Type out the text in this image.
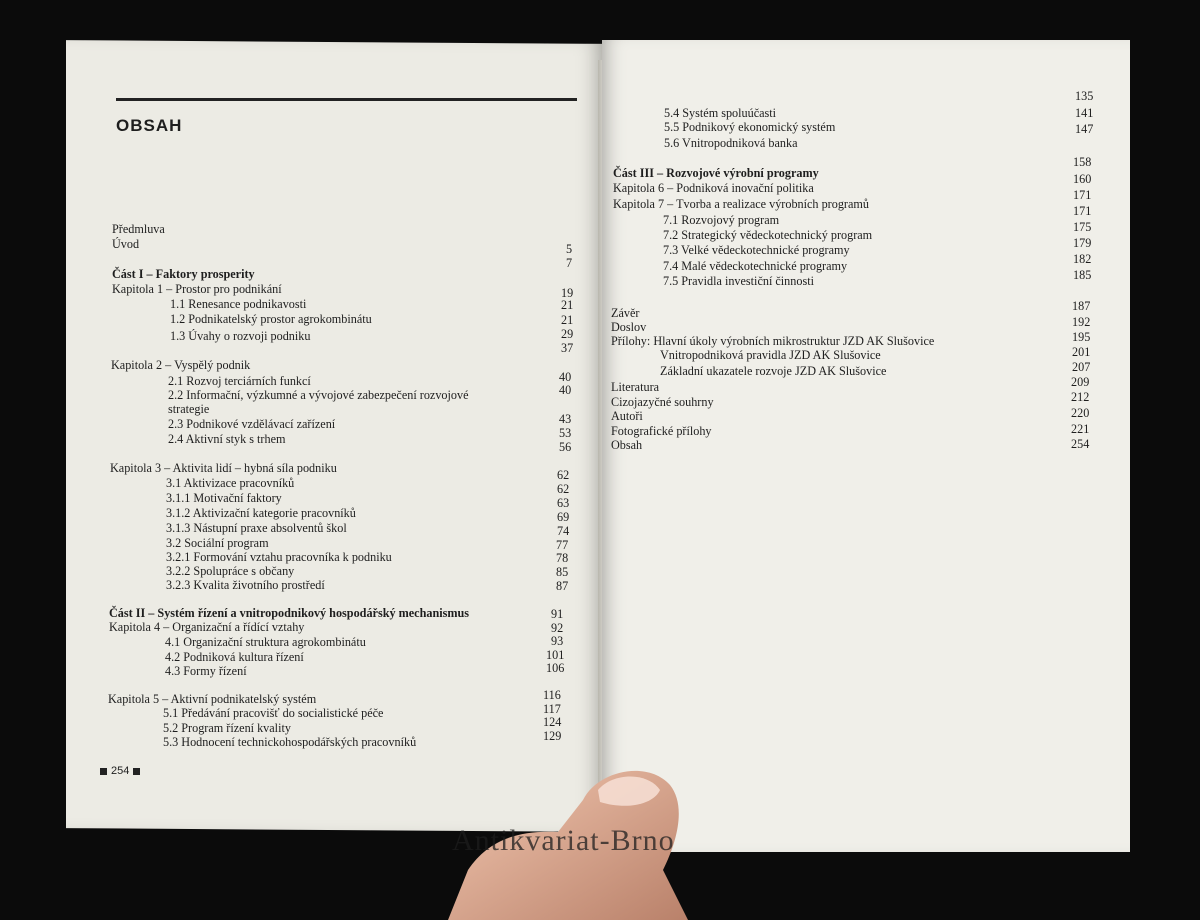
OBSAH
254
Antikvariat-Brno
Předmluva
Úvod
Část I – Faktory prosperity
Kapitola 1 – Prostor pro podnikání
1.1 Renesance podnikavosti
1.2 Podnikatelský prostor agrokombinátu
1.3 Úvahy o rozvoji podniku
Kapitola 2 – Vyspělý podnik
2.1 Rozvoj terciárních funkcí
2.2 Informační, výzkumné a vývojové zabezpečení rozvojové
strategie
2.3 Podnikové vzdělávací zařízení
2.4 Aktivní styk s trhem
Kapitola 3 – Aktivita lidí – hybná síla podniku
3.1 Aktivizace pracovníků
3.1.1 Motivační faktory
3.1.2 Aktivizační kategorie pracovníků
3.1.3 Nástupní praxe absolventů škol
3.2 Sociální program
3.2.1 Formování vztahu pracovníka k podniku
3.2.2 Spolupráce s občany
3.2.3 Kvalita životního prostředí
Část II – Systém řízení a vnitropodnikový hospodářský mechanismus
Kapitola 4 – Organizační a řídící vztahy
4.1 Organizační struktura agrokombinátu
4.2 Podniková kultura řízení
4.3 Formy řízení
Kapitola 5 – Aktivní podnikatelský systém
5.1 Předávání pracovišť do socialistické péče
5.2 Program řízení kvality
5.3 Hodnocení technickohospodářských pracovníků
5
7
19
21
21
29
37
40
40
43
53
56
62
62
63
69
74
77
78
85
87
91
92
93
101
106
116
117
124
129
5.4 Systém spoluúčasti
5.5 Podnikový ekonomický systém
5.6 Vnitropodniková banka
Část III – Rozvojové výrobní programy
Kapitola 6 – Podniková inovační politika
Kapitola 7 – Tvorba a realizace výrobních programů
7.1 Rozvojový program
7.2 Strategický vědeckotechnický program
7.3 Velké vědeckotechnické programy
7.4 Malé vědeckotechnické programy
7.5 Pravidla investiční činnosti
Závěr
Doslov
Přílohy: Hlavní úkoly výrobních mikrostruktur JZD AK Slušovice
Vnitropodniková pravidla JZD AK Slušovice
Základní ukazatele rozvoje JZD AK Slušovice
Literatura
Cizojazyčné souhrny
Autoři
Fotografické přílohy
Obsah
135
141
147
158
160
171
171
175
179
182
185
187
192
195
201
207
209
212
220
221
254
